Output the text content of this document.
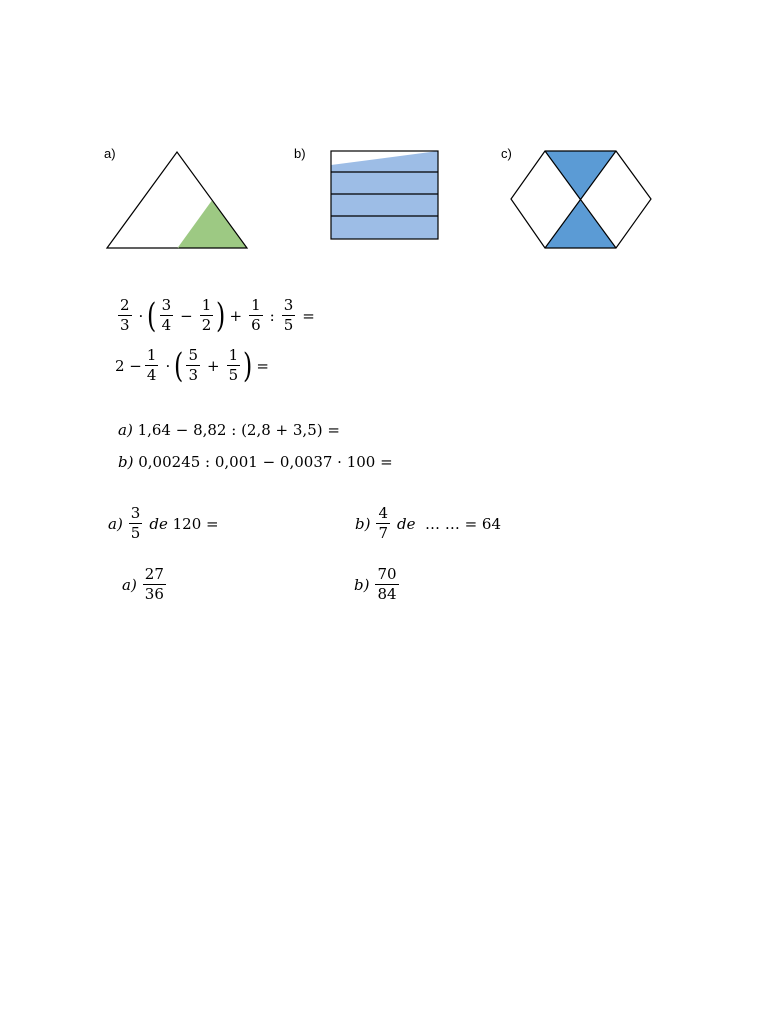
a)	b)	c)
$\frac{2}{3}$ · ( $\frac{3}{4} - \frac{1}{2}$ ) + $\frac{1}{6}$ : $\frac{3}{5}$ =
$2 - \frac{1}{4}$ · ( $\frac{5}{3} + \frac{1}{5}$ ) =
a)
1,64 − 8,82 : (2,8 + 3,5) =
b)
0,00245 : 0,001 − 0,0037 · 100 =
$a) \frac{3}{5}$ de
120 =	$b) \frac{4}{7}$ de
… … = 64
$a) \frac{27}{36}$	$b) \frac{70}{84}$
